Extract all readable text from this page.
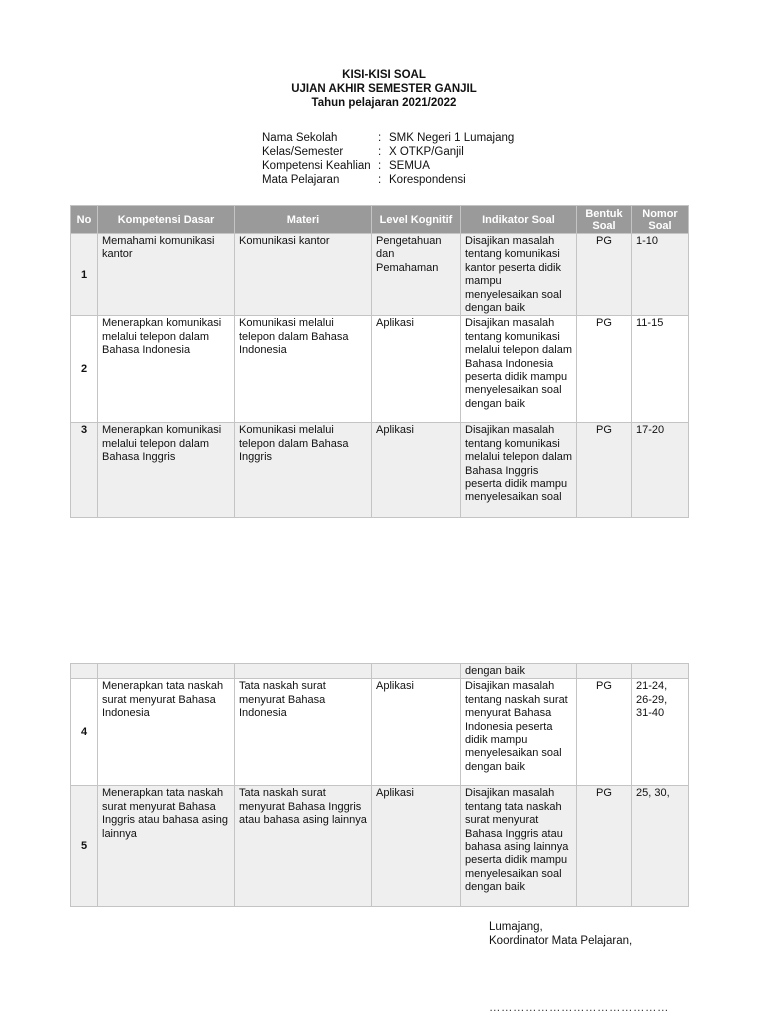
KISI-KISI SOAL
UJIAN AKHIR SEMESTER GANJIL
Tahun pelajaran 2021/2022
Nama Sekolah	: SMK Negeri 1 Lumajang
Kelas/Semester	: X OTKP/Ganjil
Kompetensi Keahlian : SEMUA
Mata Pelajaran	: Korespondensi
No	Kompetensi Dasar	Materi	Level Kognitif	Indikator Soal	Bentuk Soal	Nomor Soal
1	Memahami komunikasi kantor	Komunikasi kantor	Pengetahuan dan Pemahaman	Disajikan masalah tentang komunikasi kantor peserta didik mampu menyelesaikan soal dengan baik	PG	1-10
2	Menerapkan komunikasi melalui telepon dalam Bahasa Indonesia	Komunikasi melalui telepon dalam Bahasa Indonesia	Aplikasi	Disajikan masalah tentang komunikasi melalui telepon dalam Bahasa Indonesia peserta didik mampu menyelesaikan soal dengan baik	PG	11-15
3	Menerapkan komunikasi melalui telepon dalam Bahasa Inggris	Komunikasi melalui telepon dalam Bahasa Inggris	Aplikasi	Disajikan masalah tentang komunikasi melalui telepon dalam Bahasa Inggris peserta didik mampu menyelesaikan soal	PG	17-20
				dengan baik		
4	Menerapkan tata naskah surat menyurat Bahasa Indonesia	Tata naskah surat menyurat Bahasa Indonesia	Aplikasi	Disajikan masalah tentang naskah surat menyurat Bahasa Indonesia peserta didik mampu menyelesaikan soal dengan baik	PG	21-24, 26-29, 31-40
5	Menerapkan tata naskah surat menyurat Bahasa Inggris atau bahasa asing lainnya	Tata naskah surat menyurat Bahasa Inggris atau bahasa asing lainnya	Aplikasi	Disajikan masalah tentang tata naskah surat menyurat Bahasa Inggris atau bahasa asing lainnya peserta didik mampu menyelesaikan soal dengan baik	PG	25, 30,
Lumajang,
Koordinator Mata Pelajaran,
………………………………………
